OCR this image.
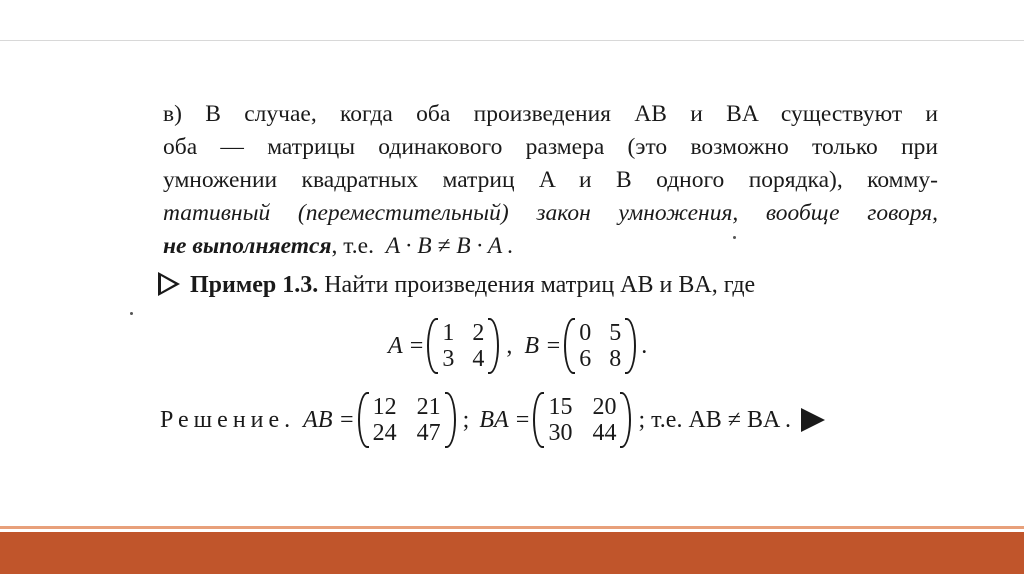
в) В случае, когда оба произведения AB и BA существуют и
оба — матрицы одинакового размера (это возможно только при
умножении квадратных матриц A и B одного порядка), комму-
тативный (переместительный) закон умножения, вообще говоря,
не выполняется, т.е. A · B ≠ B · A .
Пример 1.3. Найти произведения матриц AB и BA, где
A = 1 2
3 4
, B = 0 5
6 8
.
Решение. AB = 12 21
24 47
; BA = 15 20
30 44
; т.е. AB ≠ BA .
